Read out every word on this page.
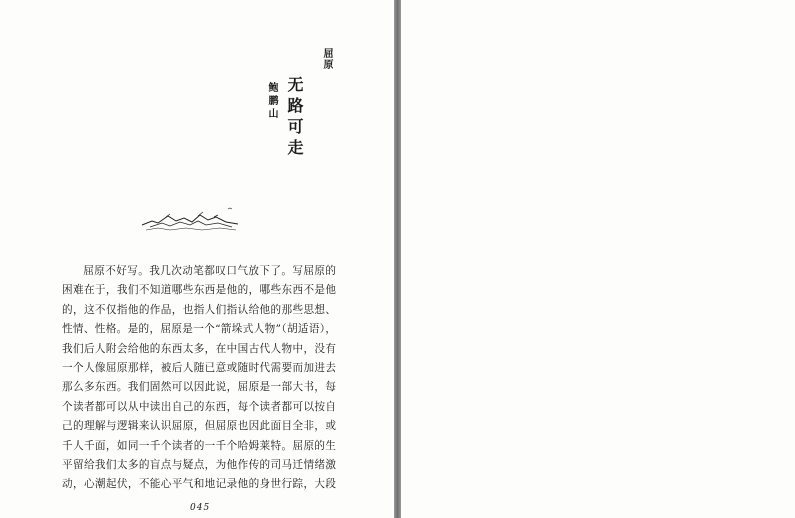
屈原
无路可走
鲍鹏山

屈原不好写。我几次动笔都叹口气放下了。写屈原的困难在于，我们不知道哪些东西是他的，哪些东西不是他的，这不仅指他的作品，也指人们指认给他的那些思想、性情、性格。是的，屈原是一个“箭垛式人物”（胡适语），我们后人附会给他的东西太多，在中国古代人物中，没有一个人像屈原那样，被后人随已意或随时代需要而加进去那么多东西。我们固然可以因此说，屈原是一部大书，每个读者都可以从中读出自己的东西，每个读者都可以按自己的理解与逻辑来认识屈原，但屈原也因此面目全非，或千人千面，如同一千个读者的一千个哈姆莱特。屈原的生平留给我们太多的盲点与疑点，为他作传的司马迁情绪激动，心潮起伏，不能心平气和地记录他的身世行踪，大段

045
